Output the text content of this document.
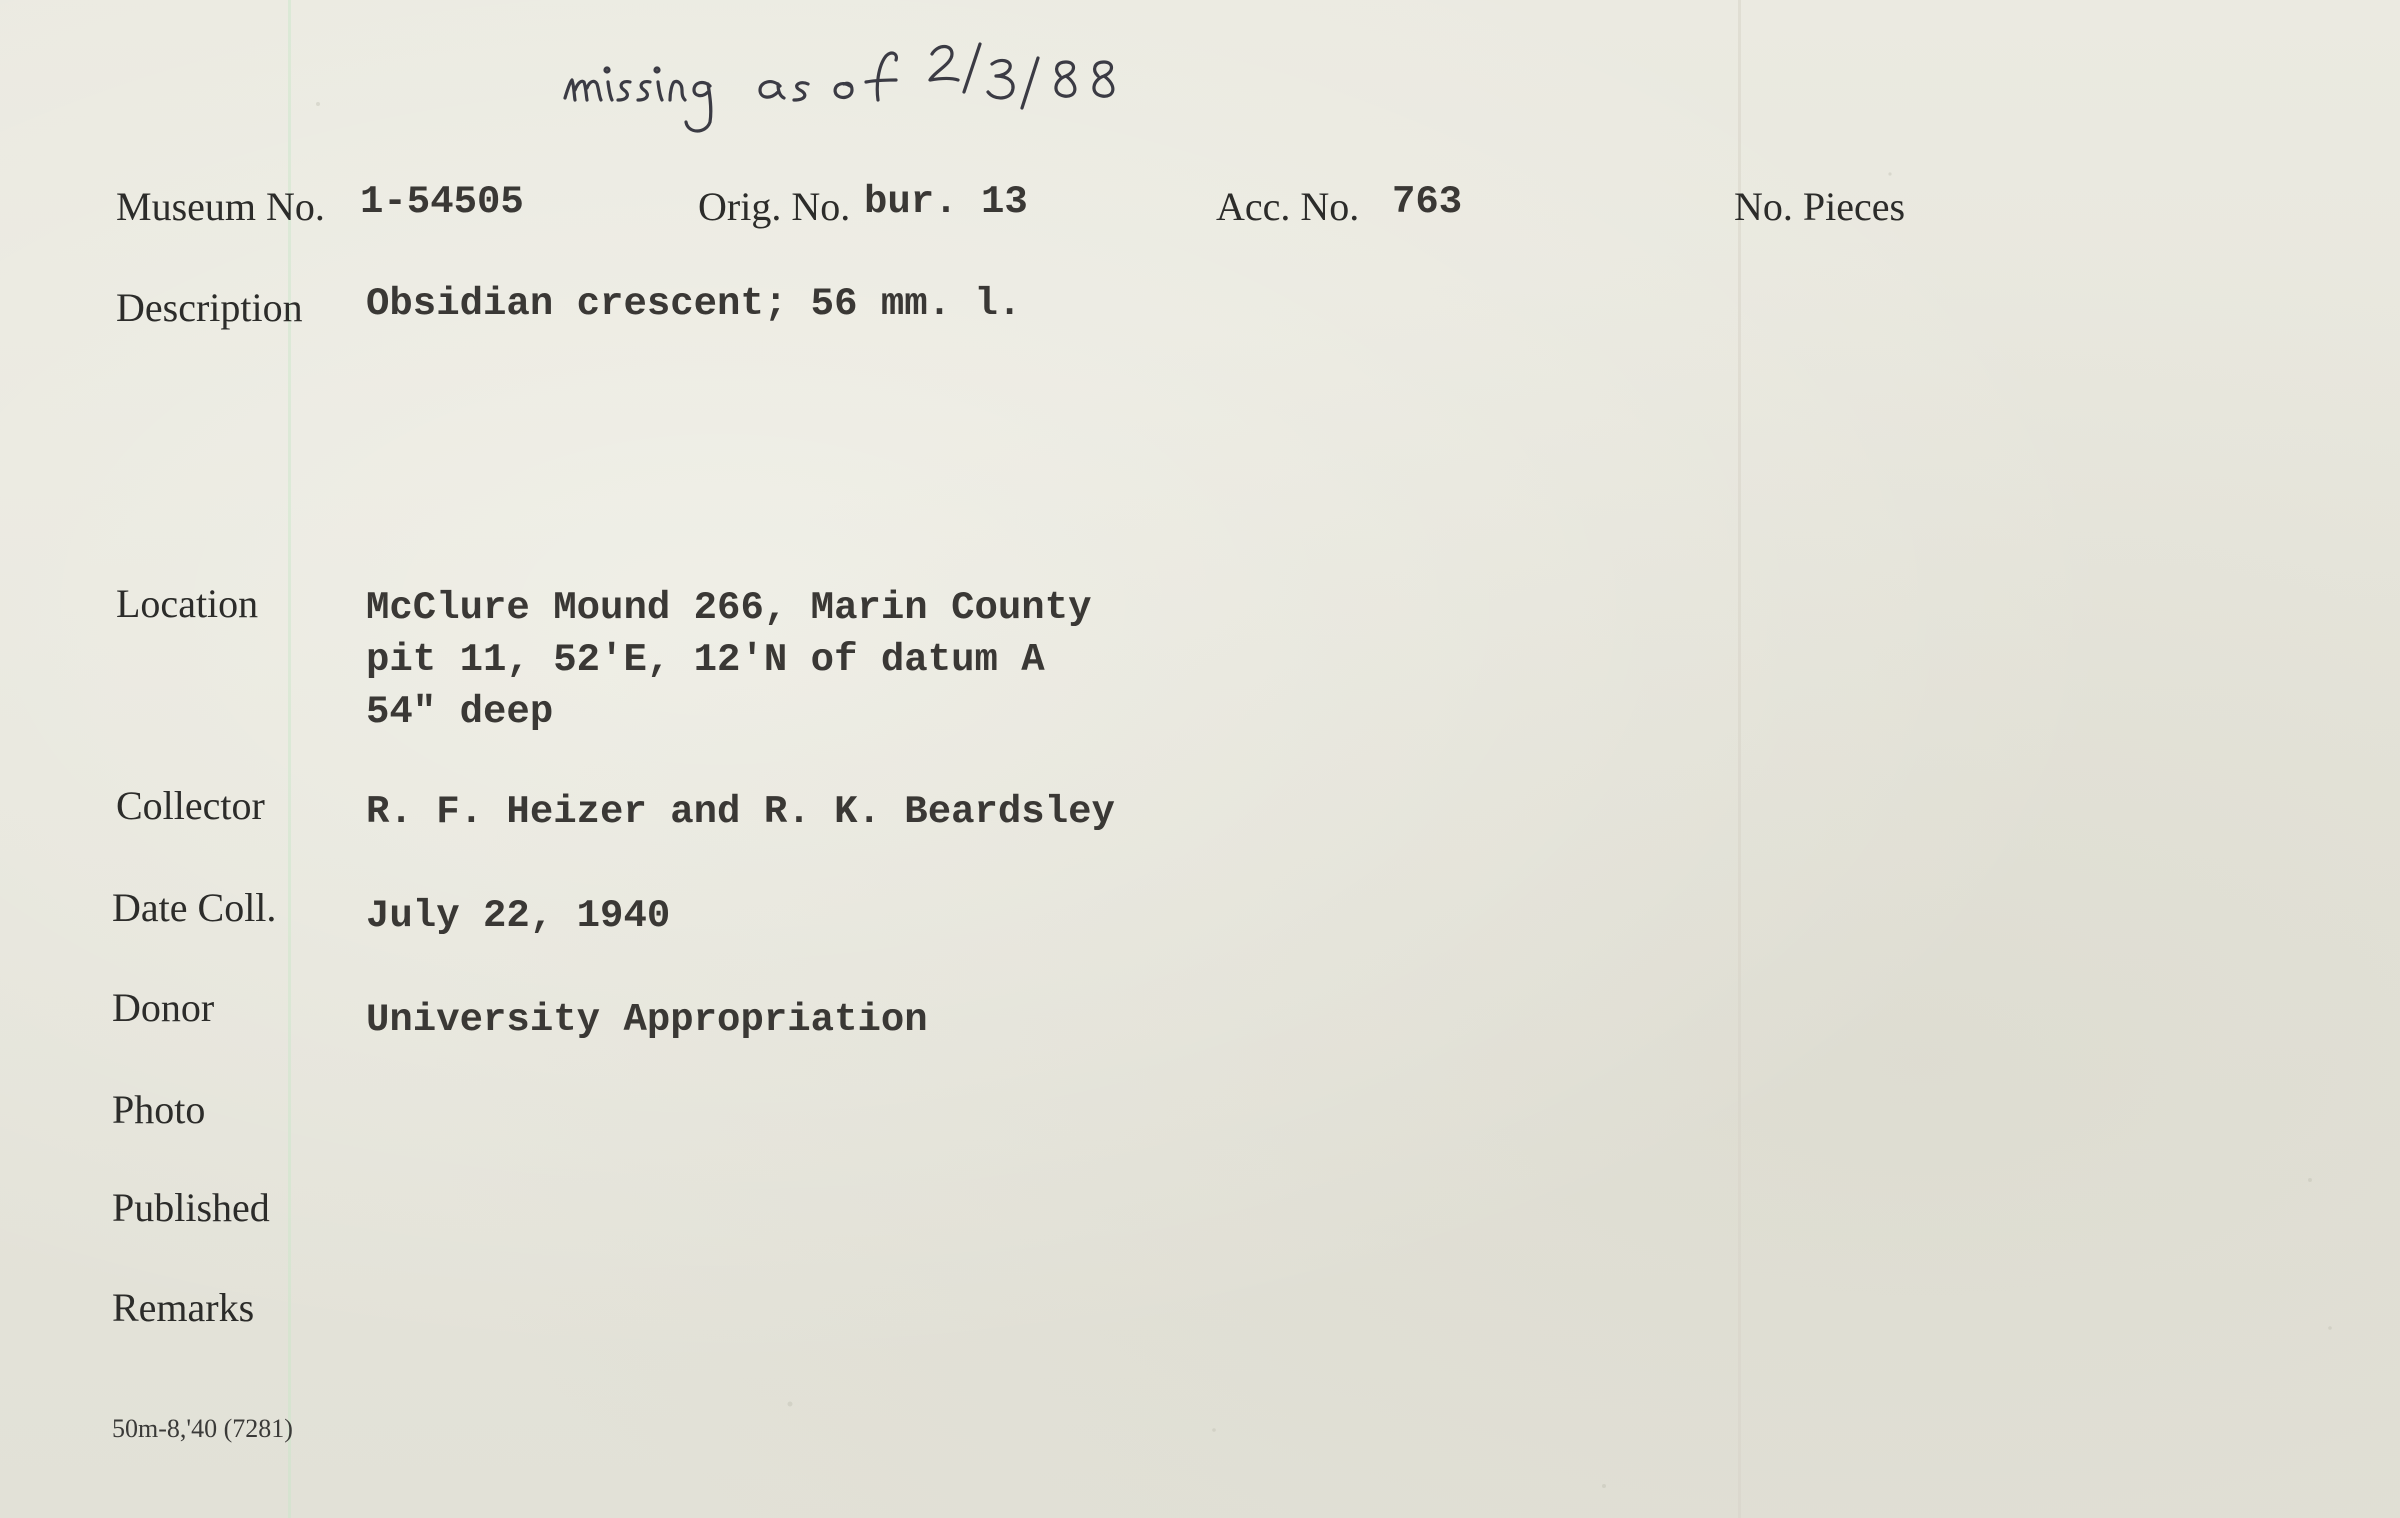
Museum No. 1-54505	Orig. No. bur. 13	Acc. No. 763	No. Pieces
Description Obsidian crescent; 56 mm. l.
Location	McClure Mound 266, Marin County
pit 11, 52'E, 12'N of datum A
54" deep
Collector	R. F. Heizer and R. K. Beardsley
Date Coll. July 22, 1940
Donor	University Appropriation
Photo
Published
Remarks
50m-8,'40 (7281)
